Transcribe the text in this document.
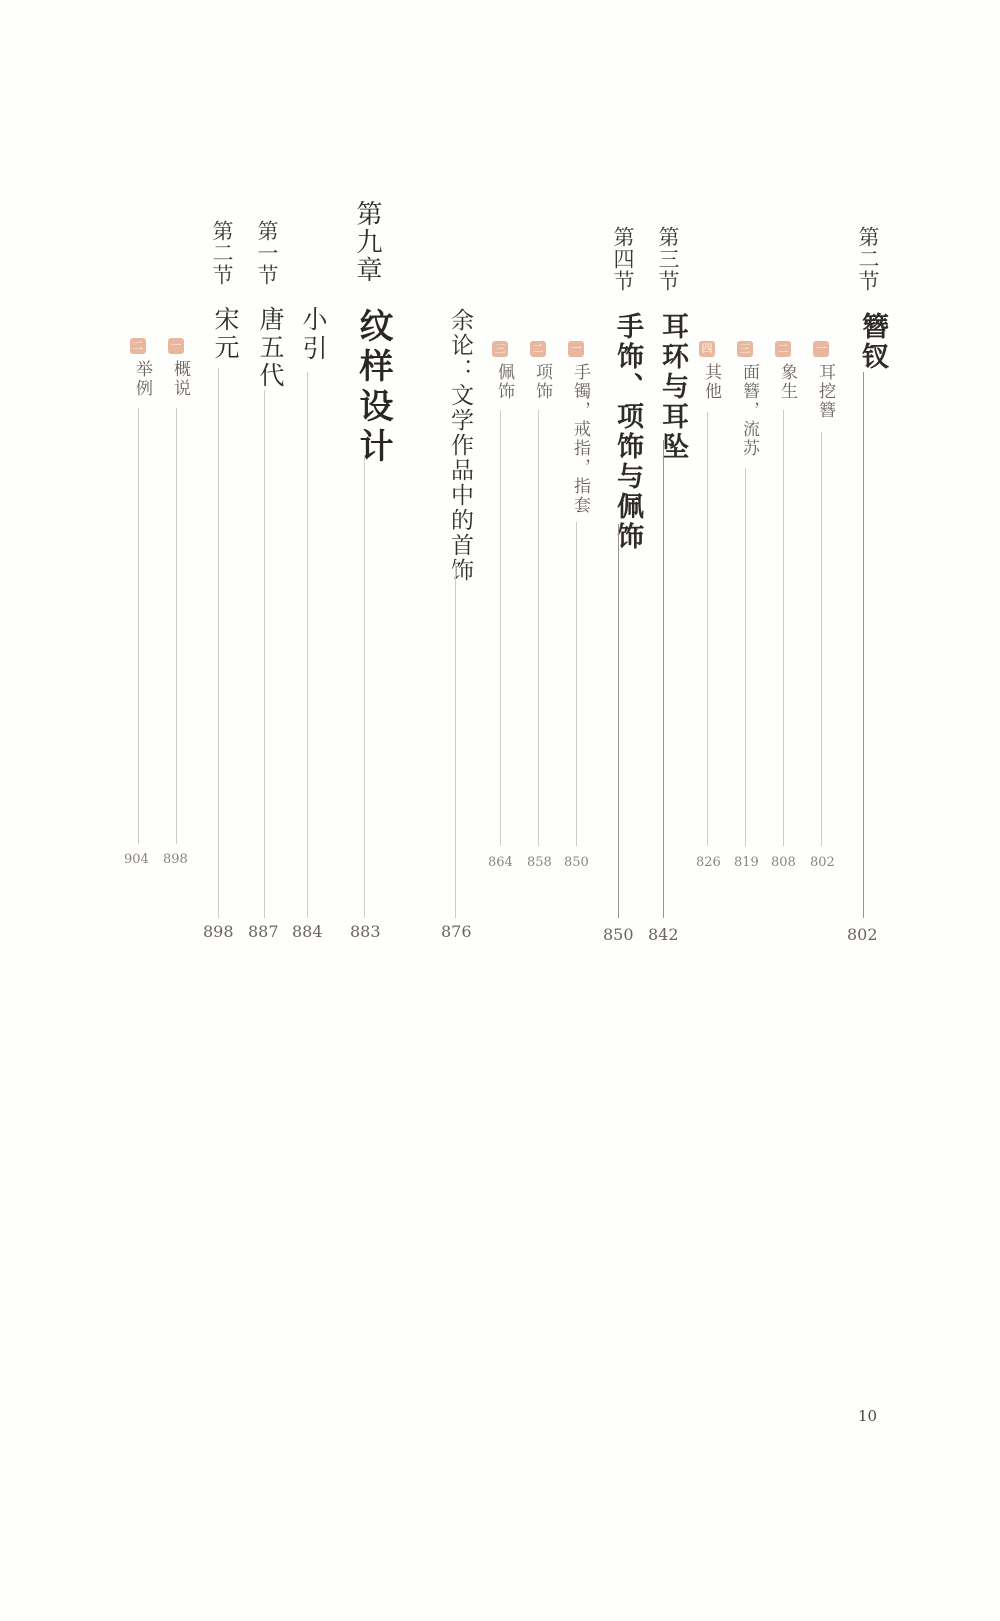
第二节
簪钗
802
一
耳挖簪
802
二
象生
808
三
面簪，流苏
819
四
其他
826
第三节
耳环与耳坠
842
第四节
手饰、项饰与佩饰
850
一
手镯，戒指，指套
850
二
项饰
858
三
佩饰
864
余论：文学作品中的首饰
876
第九章
纹样设计
883
小引
884
第一节
唐五代
887
第二节
宋元
898
一
概说
898
二
举例
904
10
